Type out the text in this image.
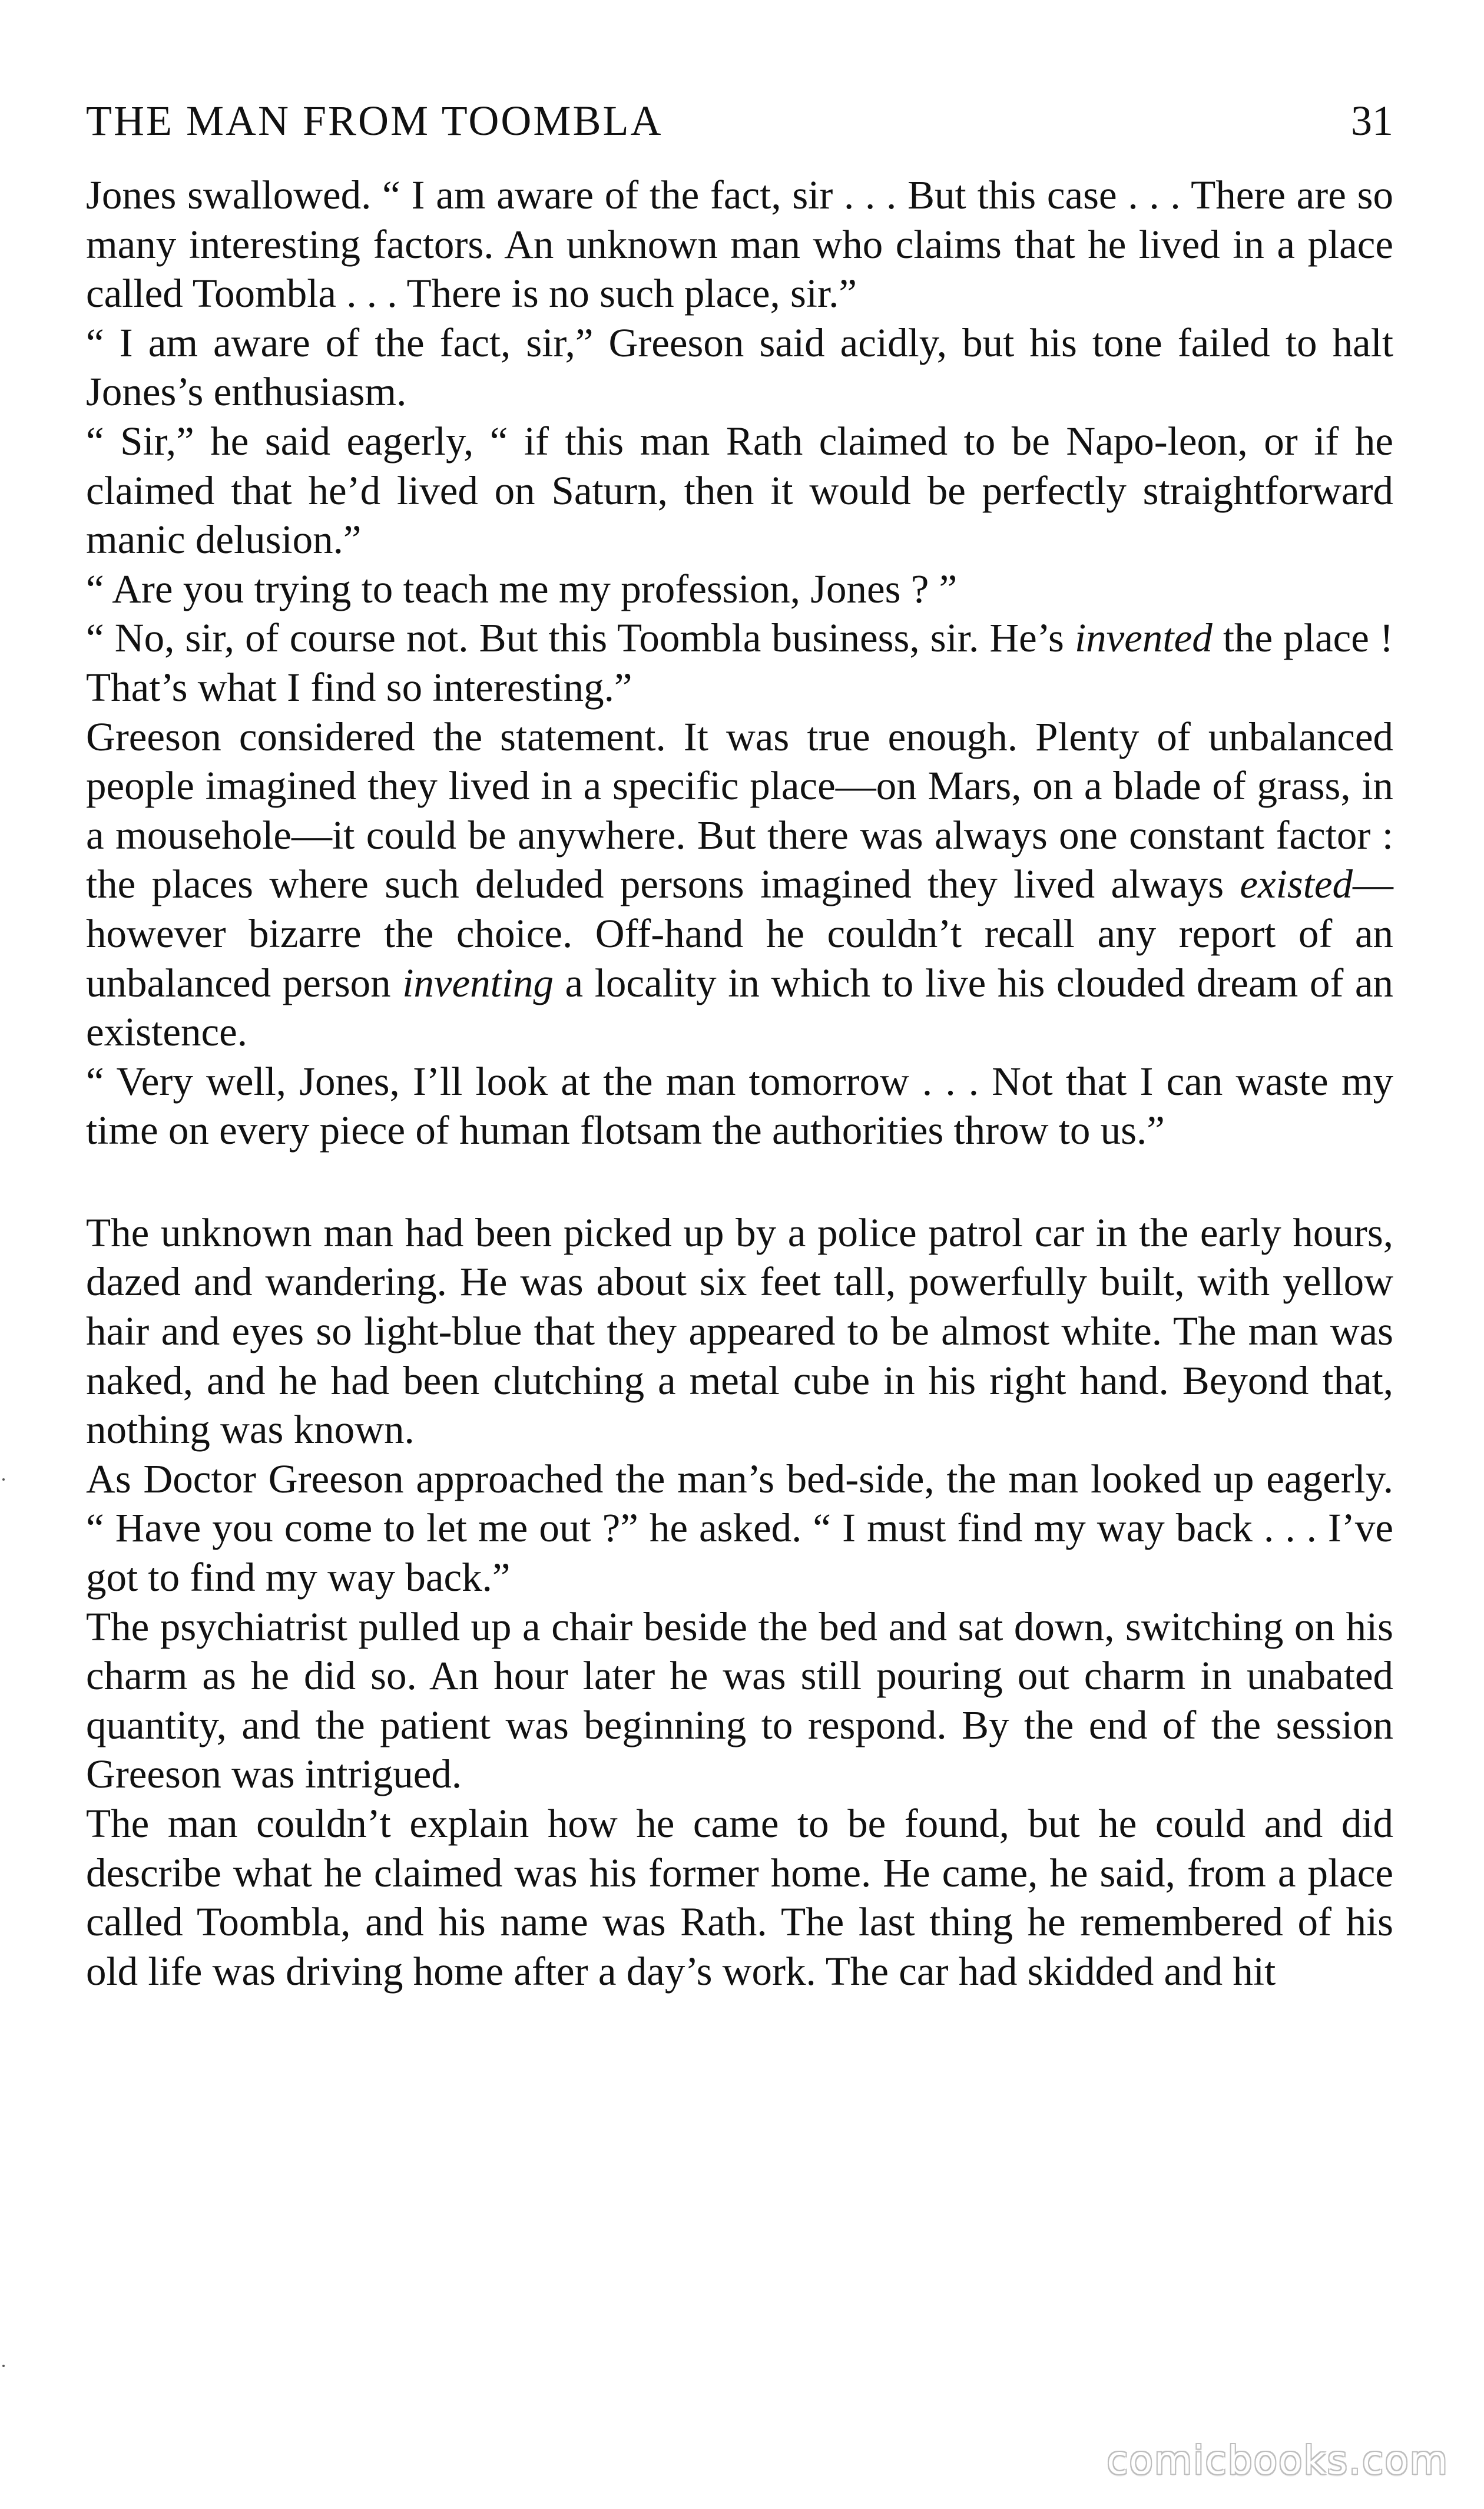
THE MAN FROM TOOMBLA	31

Jones swallowed. “ I am aware of the fact, sir . . . But this case . . . There are so many interesting factors. An unknown man who claims that he lived in a place called Toombla . . . There is no such place, sir.”

“ I am aware of the fact, sir,” Greeson said acidly, but his tone failed to halt Jones’s enthusiasm.

“ Sir,” he said eagerly, “ if this man Rath claimed to be Napo-leon, or if he claimed that he’d lived on Saturn, then it would be perfectly straightforward manic delusion.”

“ Are you trying to teach me my profession, Jones ? ”

“ No, sir, of course not. But this Toombla business, sir. He’s invented the place ! That’s what I find so interesting.”

Greeson considered the statement. It was true enough. Plenty of unbalanced people imagined they lived in a specific place—on Mars, on a blade of grass, in a mousehole—it could be anywhere. But there was always one constant factor : the places where such deluded persons imagined they lived always existed—however bizarre the choice. Off-hand he couldn’t recall any report of an unbalanced person inventing a locality in which to live his clouded dream of an existence.

“ Very well, Jones, I’ll look at the man tomorrow . . . Not that I can waste my time on every piece of human flotsam the authorities throw to us.”

The unknown man had been picked up by a police patrol car in the early hours, dazed and wandering. He was about six feet tall, powerfully built, with yellow hair and eyes so light-blue that they appeared to be almost white. The man was naked, and he had been clutching a metal cube in his right hand. Beyond that, nothing was known.

As Doctor Greeson approached the man’s bed-side, the man looked up eagerly. “ Have you come to let me out ?” he asked. “ I must find my way back . . . I’ve got to find my way back.”

The psychiatrist pulled up a chair beside the bed and sat down, switching on his charm as he did so. An hour later he was still pouring out charm in unabated quantity, and the patient was beginning to respond. By the end of the session Greeson was intrigued.

The man couldn’t explain how he came to be found, but he could and did describe what he claimed was his former home. He came, he said, from a place called Toombla, and his name was Rath. The last thing he remembered of his old life was driving home after a day’s work. The car had skidded and hit

comicbooks.com
